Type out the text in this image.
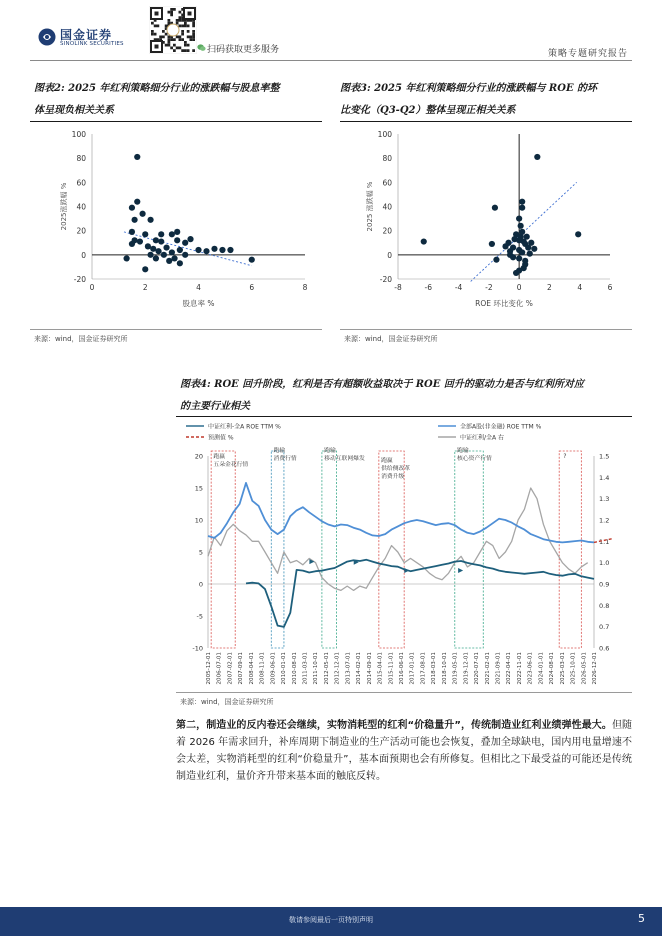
国金证券
SINOLINK SECURITIES
扫码获取更多服务	策略专题研究报告
图表2: 2025 年红利策略细分行业的涨跌幅与股息率整
体呈现负相关关系
-20
0
20
40
60
80
100
0	2	4	6	8
2025涨跌幅 %
股息率 %
来源：wind，国金证券研究所
图表3: 2025 年红利策略细分行业的涨跌幅与 ROE 的环
比变化（Q3-Q2）整体呈现正相关关系
-20
0
20
40
60
80
100
-8	-6	-4	-2	0	2	4	6
2025 涨跌幅 %
ROE 环比变化 %
来源：wind，国金证券研究所
图表4: ROE 回升阶段，红利是否有超额收益取决于 ROE 回升的驱动力是否与红利所对应
的主要行业相关
中证红利-全A ROE TTM %	全部A股(非金融) ROE TTM %
预测值 %	中证红利/全A 右
跑赢
五朵金花行情
跑输
消费行情
跑输
移动互联网爆发	跑赢
供给侧改革
消费升级
跑输
核心资产行情	?
20
15
10
5
0
-5
-10
1.5
1.4
1.3
1.2
1.1
1.0
0.9
0.8
0.7
0.6
2005-12-01 2006-07-01 2007-02-01 2007-09-01 2008-04-01 2008-11-01 2009-06-01 2010-01-01 2010-08-01 2011-03-01 2011-10-01 2012-05-01 2012-12-01 2013-07-01 2014-02-01 2014-09-01 2015-04-01 2015-11-01 2016-06-01 2017-01-01 2017-08-01 2018-03-01 2018-10-01 2019-05-01 2019-12-01 2020-07-01 2021-02-01 2021-09-01 2022-04-01 2022-11-01 2023-06-01 2024-01-01 2024-08-01 2025-03-01 2025-10-01 2026-05-01 2026-12-01
来源：wind，国金证券研究所
第二，制造业的反内卷还会继续，实物消耗型的红利“价稳量升”，传统制造业红利业绩弹性最大。但随着 2026 年需求回升，补库周期下制造业的生产活动可能也会恢复，叠加全球缺电，国内用电量增速不会太差，实物消耗型的红利“价稳量升”，基本面预期也会有所修复。但相比之下最受益的可能还是传统制造业红利，量价齐升带来基本面的触底反转。
敬请参阅最后一页特别声明	5
